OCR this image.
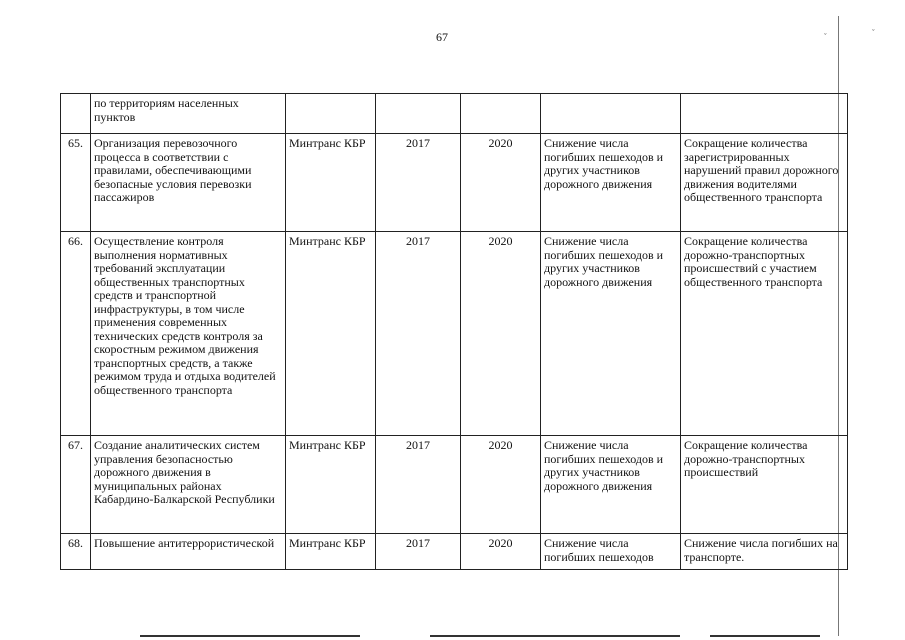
67	ˇ	ˇ
	по территориям населенных пунктов					
65.	Организация перевозочного процесса в соответствии с правилами, обеспечивающими безопасные условия перевозки пассажиров	Минтранс КБР	2017	2020	Снижение числа погибших пешеходов и других участников дорожного движения	Сокращение количества зарегистрированных нарушений правил дорожного движения водителями общественного транспорта
66.	Осуществление контроля выполнения нормативных требований эксплуатации общественных транспортных средств и транспортной инфраструктуры, в том числе применения современных технических средств контроля за скоростным режимом движения транспортных средств, а также режимом труда и отдыха водителей общественного транспорта	Минтранс КБР	2017	2020	Снижение числа погибших пешеходов и других участников дорожного движения	Сокращение количества дорожно-транспортных происшествий с участием общественного транспорта
67.	Создание аналитических систем управления безопасностью дорожного движения в муниципальных районах Кабардино-Балкарской Республики	Минтранс КБР	2017	2020	Снижение числа погибших пешеходов и других участников дорожного движения	Сокращение количества дорожно-транспортных происшествий
68.	Повышение антитеррористической	Минтранс КБР	2017	2020	Снижение числа погибших пешеходов	Снижение числа погибших на транспорте.
